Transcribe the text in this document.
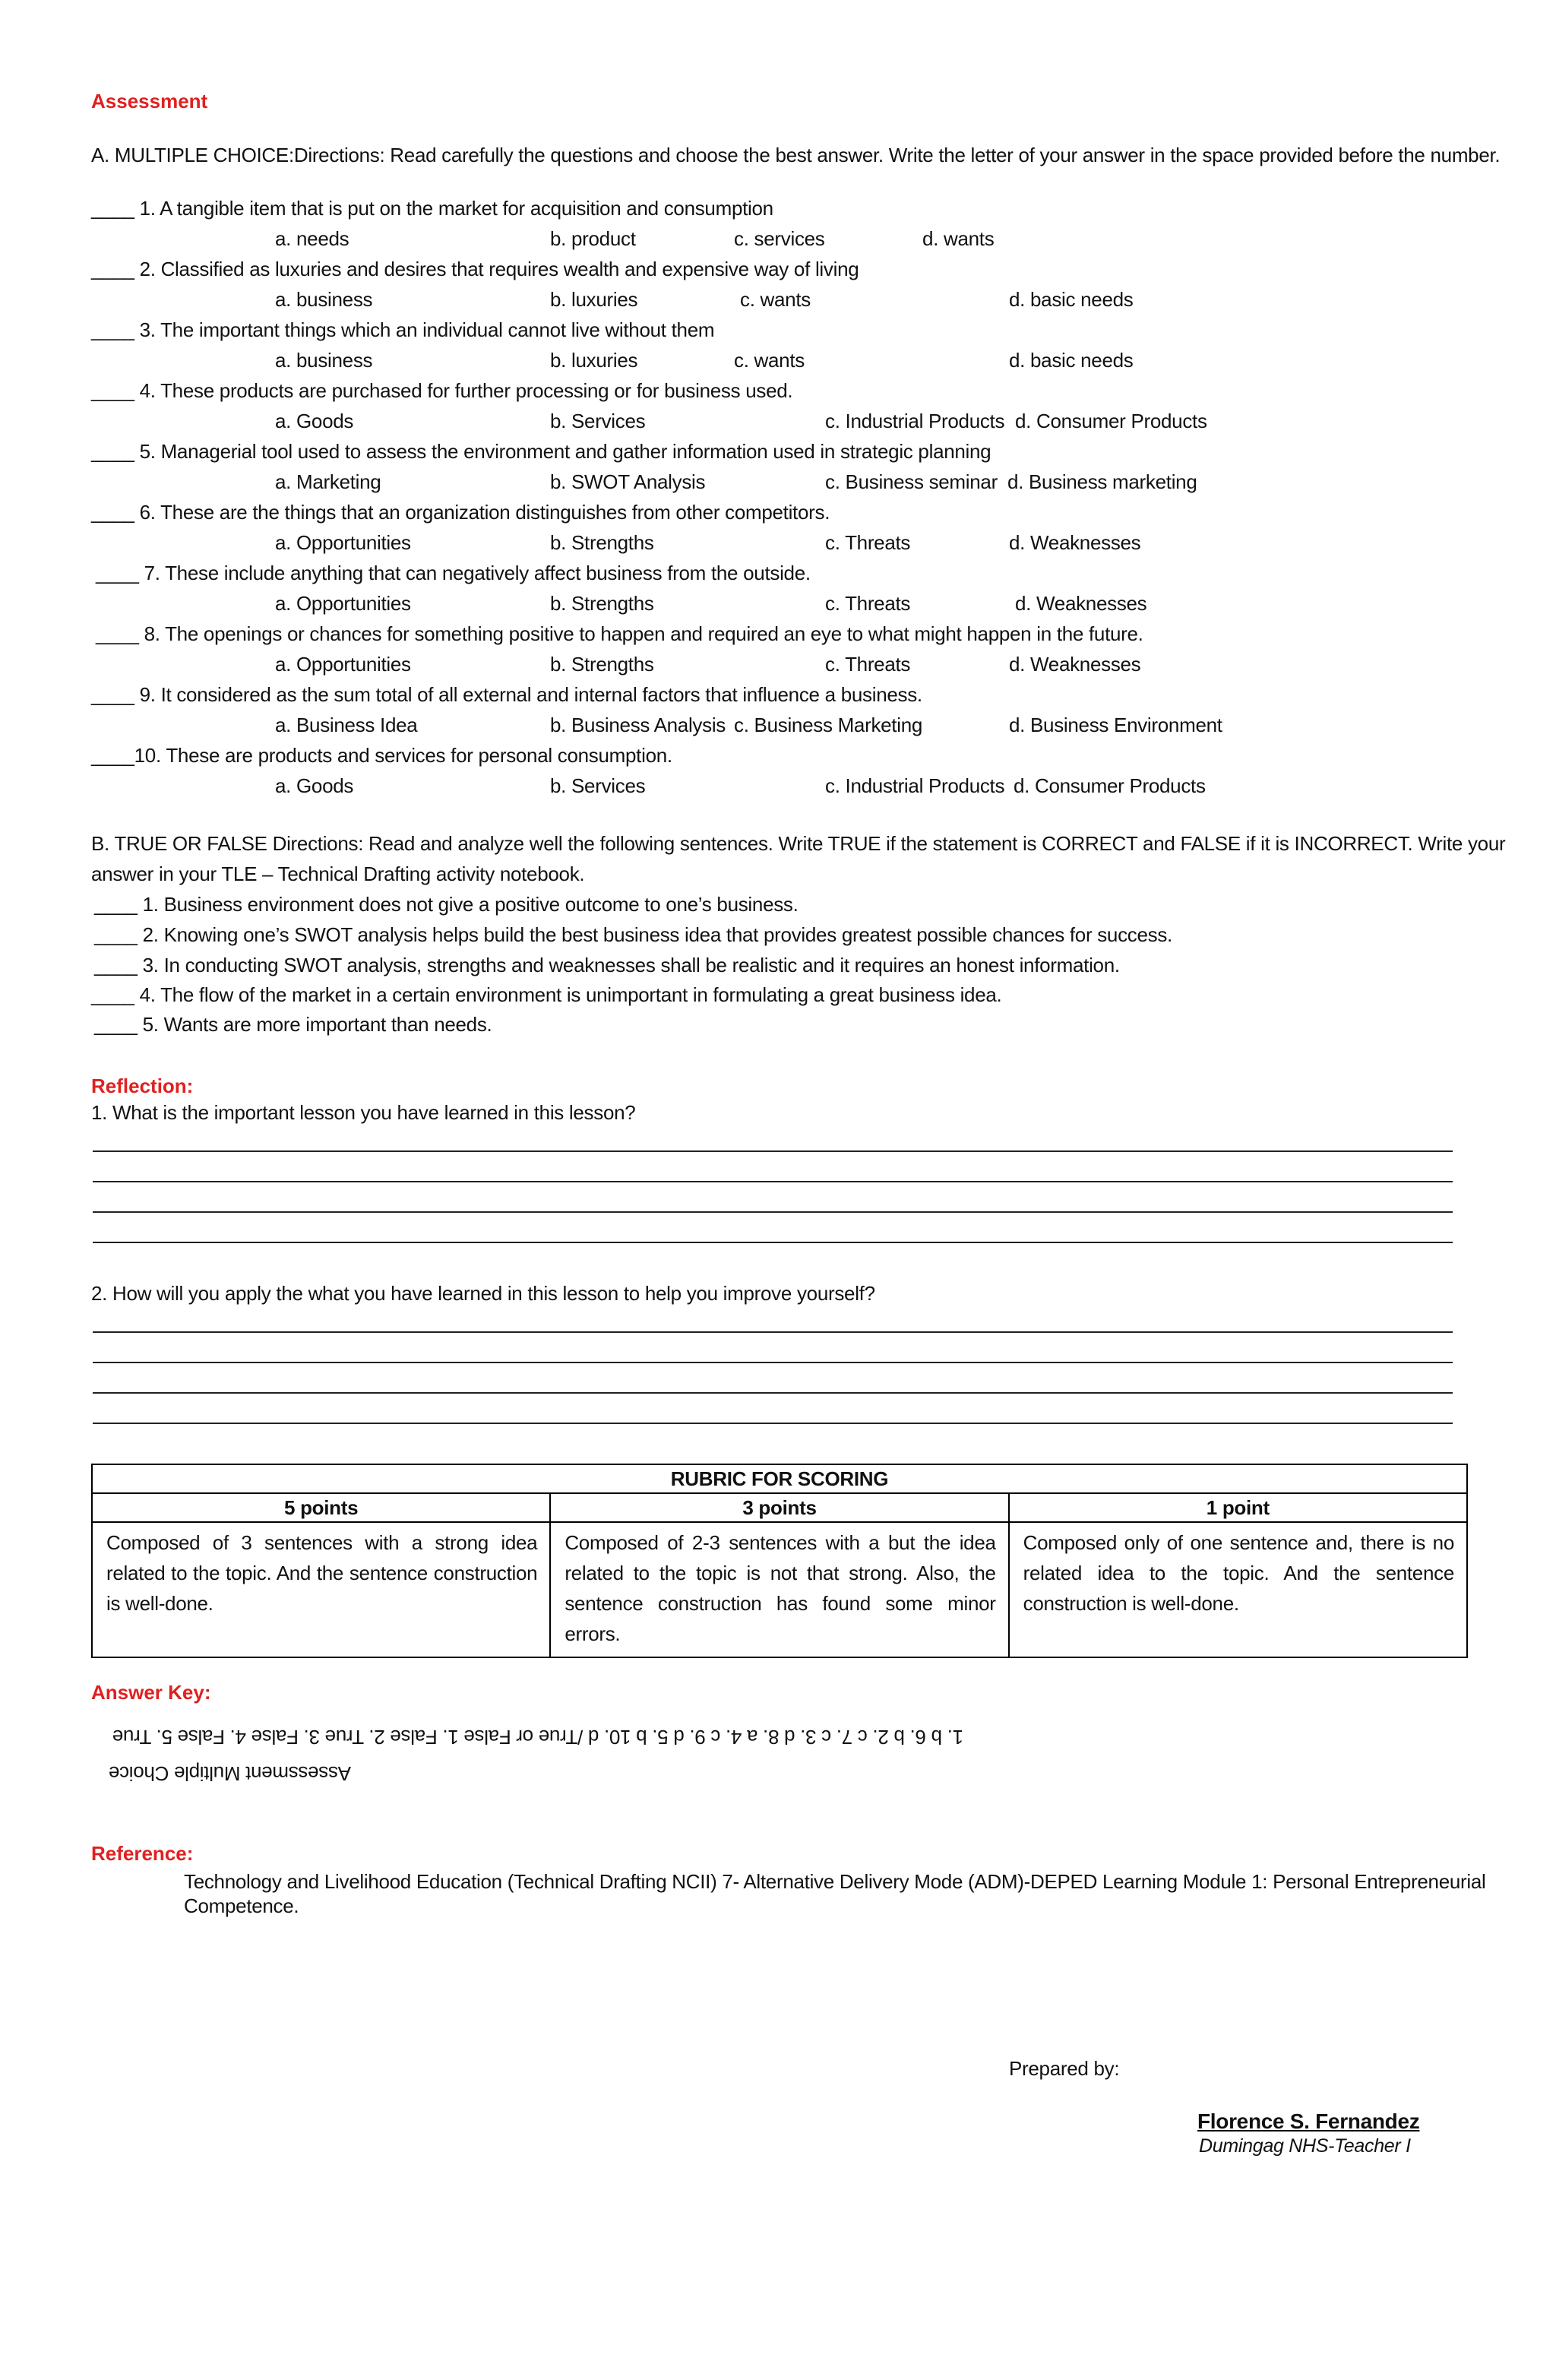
Assessment
A. MULTIPLE CHOICE:Directions: Read carefully the questions and choose the best answer. Write the letter of your answer in the space provided before the number.
____ 1. A tangible item that is put on the market for acquisition and consumption
a. needs	b. product	c. services	d. wants
____ 2. Classified as luxuries and desires that requires wealth and expensive way of living
a. business	b. luxuries	c. wants	d. basic needs
____ 3. The important things which an individual cannot live without them
a. business	b. luxuries	c. wants	d. basic needs
____ 4. These products are purchased for further processing or for business used.
a. Goods	b. Services	c. Industrial Products d. Consumer Products
____ 5. Managerial tool used to assess the environment and gather information used in strategic planning
a. Marketing	b. SWOT Analysis	c. Business seminar d. Business marketing
____ 6. These are the things that an organization distinguishes from other competitors.
a. Opportunities	b. Strengths	c. Threats	d. Weaknesses
____ 7. These include anything that can negatively affect business from the outside.
a. Opportunities	b. Strengths	c. Threats	d. Weaknesses
____ 8. The openings or chances for something positive to happen and required an eye to what might happen in the future.
a. Opportunities	b. Strengths	c. Threats	d. Weaknesses
____ 9. It considered as the sum total of all external and internal factors that influence a business.
a. Business Idea	b. Business Analysis c. Business Marketing	d. Business Environment
____10. These are products and services for personal consumption.
a. Goods	b. Services	c. Industrial Products d. Consumer Products
B. TRUE OR FALSE Directions: Read and analyze well the following sentences. Write TRUE if the statement is CORRECT and FALSE if it is INCORRECT. Write your
answer in your TLE – Technical Drafting activity notebook.
____ 1. Business environment does not give a positive outcome to one’s business.
____ 2. Knowing one’s SWOT analysis helps build the best business idea that provides greatest possible chances for success.
____ 3. In conducting SWOT analysis, strengths and weaknesses shall be realistic and it requires an honest information.
____ 4. The flow of the market in a certain environment is unimportant in formulating a great business idea.
____ 5. Wants are more important than needs.
Reflection:
1. What is the important lesson you have learned in this lesson?
2. How will you apply the what you have learned in this lesson to help you improve yourself?
RUBRIC FOR SCORING		
5 points	3 points	1 point
Composed of 3 sentences with a strong idea related to the topic. And the sentence construction is well-done.	Composed of 2-3 sentences with a but the idea related to the topic is not that strong. Also, the sentence construction has found some minor errors.	Composed only of one sentence and, there is no related idea to the topic. And the sentence construction is well-done.
Answer Key:
1. b 6. b 2. c 7. c 3. d 8. a 4. c 9. d 5. b 10. d /True or False 1. False 2. True 3. False 4. False 5. True
Assessment Multiple Choice
Reference:
Technology and Livelihood Education (Technical Drafting NCII) 7- Alternative Delivery Mode (ADM)-DEPED Learning Module 1: Personal Entrepreneurial
Competence.
Prepared by:
Florence S. Fernandez
Dumingag NHS-Teacher I
